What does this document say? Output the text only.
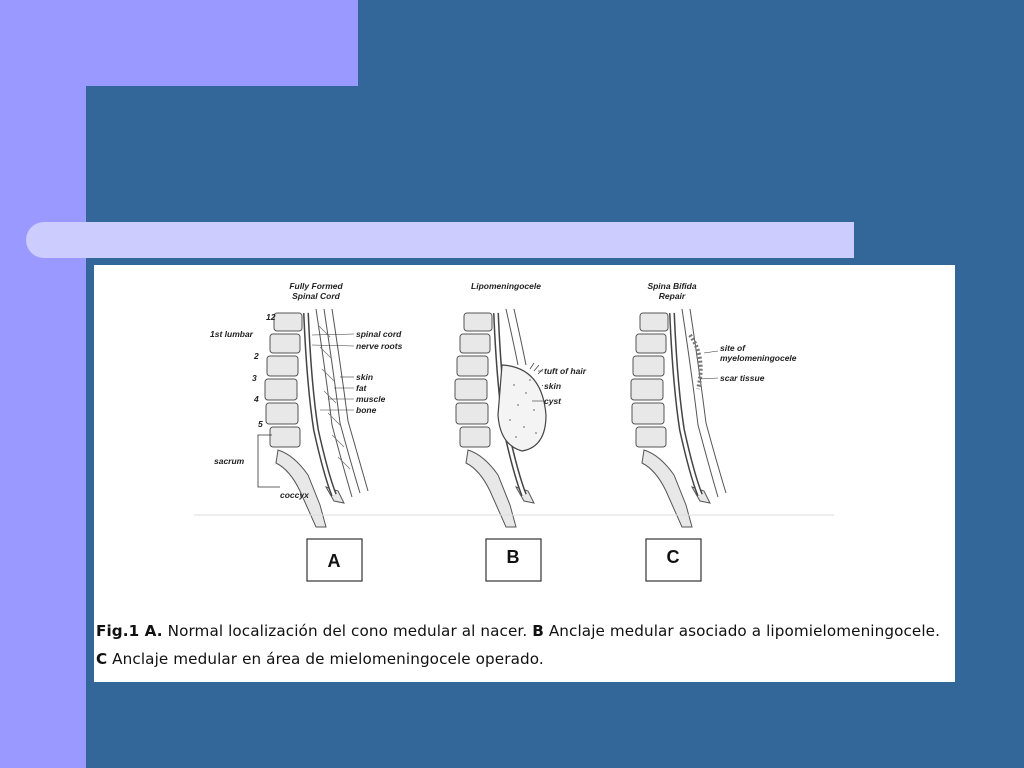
Fully Formed
Spinal Cord
12
1st lumbar
2
3
4
5
sacrum
coccyx
spinal cord
nerve roots
skin
fat
muscle
bone
Lipomeningocele
tuft of hair
skin
cyst
Spina Bifida
Repair
site of
myelomeningocele
scar tissue
A	B	C
Fig.1 A. Normal localización del cono medular al nacer. B Anclaje medular asociado a lipomielomeningocele. C Anclaje medular en área de mielomeningocele operado.
